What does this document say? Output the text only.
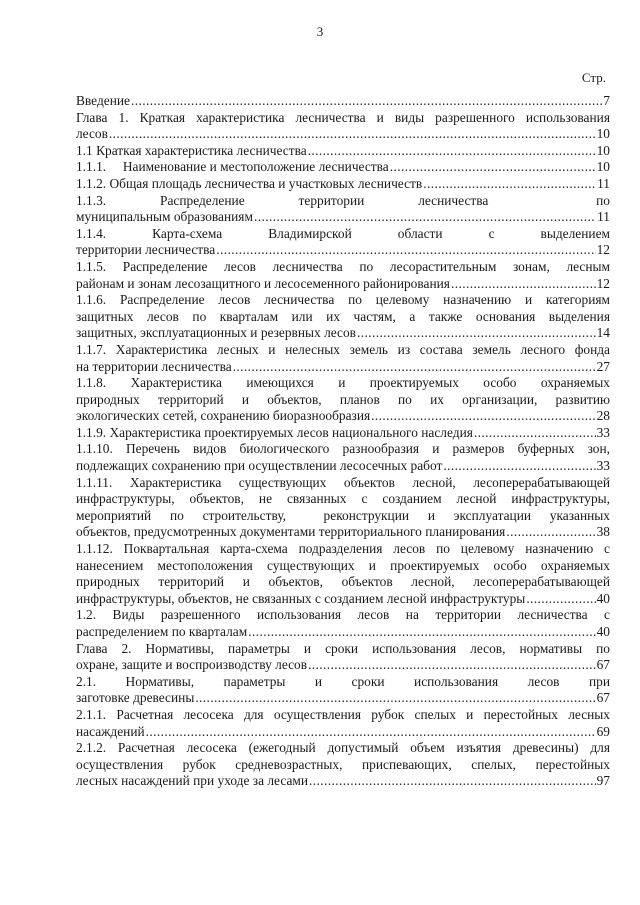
3
Стр.
Введение .....	7
Глава 1. Краткая характеристика лесничества и виды разрешенного использования
лесов .....	10
1.1 Краткая характеристика лесничества .....	10
1.1.1.     Наименование и местоположение лесничества .....	10
1.1.2. Общая площадь лесничества и участковых лесничеств .....	11
1.1.3. Распределение территории лесничества  по
муниципальным образованиям .....	11
1.1.4. Карта-схема Владимирской области с выделением
территории лесничества .....	12
1.1.5. Распределение лесов лесничества по лесорастительным зонам, лесным
районам и зонам лесозащитного и лесосеменного районирования .....	12
1.1.6. Распределение лесов лесничества по целевому назначению и категориям
защитных лесов по кварталам или их частям, а также основания выделения
защитных, эксплуатационных и резервных лесов .....	14
1.1.7. Характеристика лесных и нелесных земель из состава земель лесного фонда
на территории лесничества .....	27
1.1.8.   Характеристика   имеющихся   и   проектируемых   особо   охраняемых
природных  территорий  и  объектов,  планов  по  их  организации,  развитию
экологических сетей, сохранению биоразнообразия .....	28
1.1.9. Характеристика проектируемых лесов национального наследия .....	33
1.1.10. Перечень видов биологического разнообразия и размеров буферных зон,
подлежащих сохранению при осуществлении лесосечных работ .....	33
1.1.11. Характеристика существующих объектов лесной, лесоперерабатывающей
инфраструктуры, объектов, не связанных с созданием лесной инфраструктуры,
мероприятий  по  строительству,    реконструкции  и  эксплуатации  указанных
объектов, предусмотренных документами территориального планирования .....	38
1.1.12. Поквартальная карта-схема подразделения лесов по целевому назначению с
нанесением местоположения существующих и проектируемых особо охраняемых
природных  территорий  и  объектов,  объектов  лесной,  лесоперерабатывающей
инфраструктуры, объектов, не связанных с созданием лесной инфраструктуры .....	40
1.2.  Виды  разрешенного  использования  лесов  на  территории  лесничества  с
распределением по кварталам .....	40
Глава  2.  Нормативы,  параметры  и  сроки  использования  лесов,  нормативы  по
охране, защите и воспроизводству лесов .....	67
2.1. Нормативы, параметры и сроки использования лесов при
заготовке древесины .....	67
2.1.1. Расчетная лесосека для осуществления рубок спелых и перестойных лесных
насаждений .....	69
2.1.2. Расчетная лесосека (ежегодный допустимый объем изъятия древесины) для
осуществления  рубок  средневозрастных,  приспевающих,  спелых,  перестойных
лесных насаждений при уходе за лесами .....	97
